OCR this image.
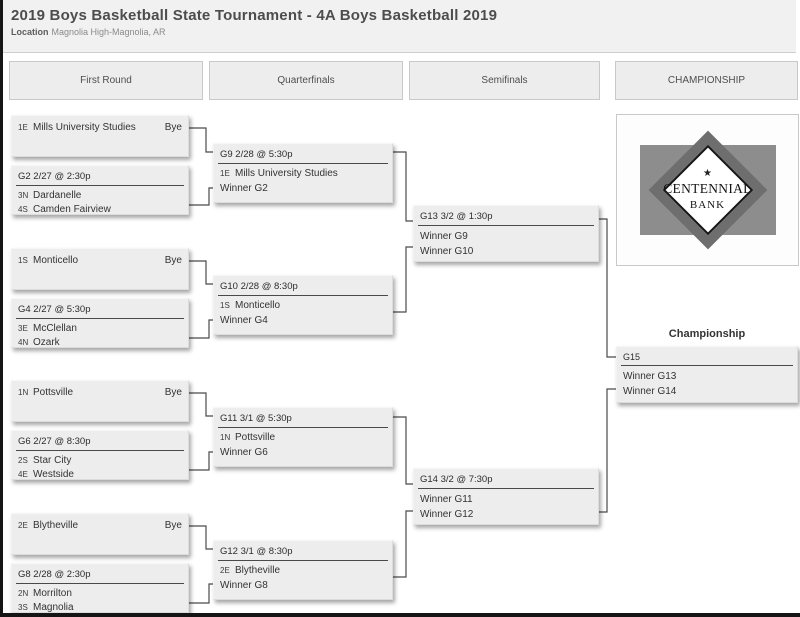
2019 Boys Basketball State Tournament - 4A Boys Basketball 2019
Location Magnolia High-Magnolia, AR
First Round	Quarterfinals	Semifinals	CHAMPIONSHIP
★
CENTENNIAL
BANK
1E Mills University Studies	Bye
G2 2/27 @ 2:30p
3N Dardanelle
4S Camden Fairview
1S Monticello	Bye
G4 2/27 @ 5:30p
3E McClellan
4N Ozark
1N Pottsville	Bye
G6 2/27 @ 8:30p
2S Star City
4E Westside
2E Blytheville	Bye
G8 2/28 @ 2:30p
2N Morrilton
3S Magnolia
G9 2/28 @ 5:30p
1E Mills University Studies
Winner G2
G10 2/28 @ 8:30p
1S Monticello
Winner G4
G11 3/1 @ 5:30p
1N Pottsville
Winner G6
G12 3/1 @ 8:30p
2E Blytheville
Winner G8
G13 3/2 @ 1:30p
Winner G9
Winner G10
G14 3/2 @ 7:30p
Winner G11
Winner G12
Championship
G15
Winner G13
Winner G14
